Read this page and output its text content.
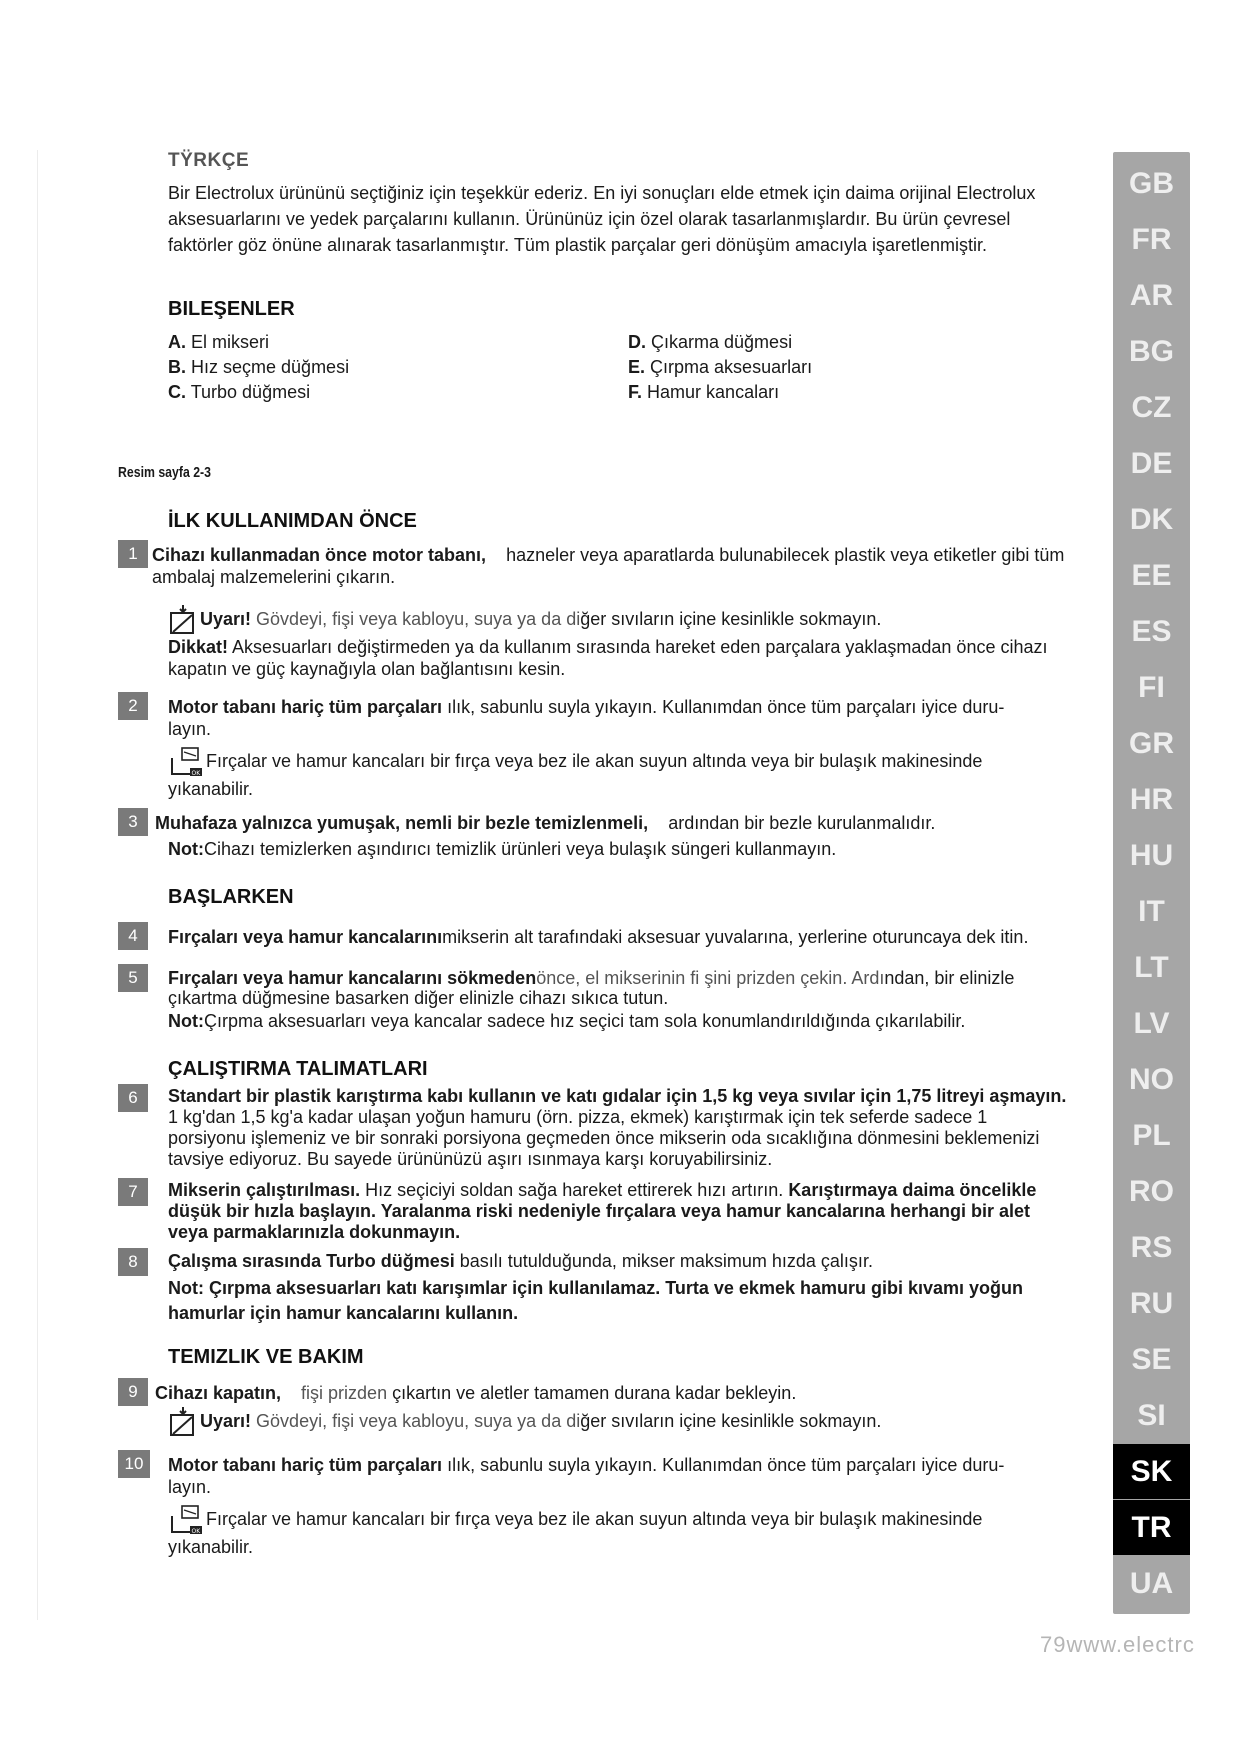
TŸRKÇE
Bir Electrolux ürününü seçtiğiniz için teşekkür ederiz. En iyi sonuçları elde etmek için daima orijinal Electrolux aksesuarlarını ve yedek parçalarını kullanın. Ürününüz için özel olarak tasarlanmışlardır. Bu ürün çevresel faktörler göz önüne alınarak tasarlanmıştır. Tüm plastik parçalar geri dönüşüm amacıyla işaretlenmiştir.
BILEŞENLER
A. El mikseri
B. Hız seçme düğmesi
C. Turbo düğmesi
D. Çıkarma düğmesi
E. Çırpma aksesuarları
F. Hamur kancaları
Resim sayfa 2-3
İLK KULLANIMDAN ÖNCE
1 Cihazı kullanmadan önce motor tabanı, hazneler veya aparatlarda bulunabilecek plastik veya etiketler gibi tüm ambalaj malzemelerini çıkarın.
Uyarı! Gövdeyi, fişi veya kabloyu, suya ya da diğer sıvıların içine kesinlikle sokmayın.
Dikkat! Aksesuarları değiştirmeden ya da kullanım sırasında hareket eden parçalara yaklaşmadan önce cihazı kapatın ve güç kaynağıyla olan bağlantısını kesin.
2	Motor tabanı hariç tüm parçaları ılık, sabunlu suyla yıkayın. Kullanımdan önce tüm parçaları iyice duru-
layın.
OK
Fırçalar ve hamur kancaları bir fırça veya bez ile akan suyun altında veya bir bulaşık makinesinde yıkanabilir.
3 Muhafaza yalnızca yumuşak, nemli bir bezle temizlenmeli, ardından bir bezle kurulanmalıdır.
Not:Cihazı temizlerken aşındırıcı temizlik ürünleri veya bulaşık süngeri kullanmayın.
BAŞLARKEN
4	Fırçaları veya hamur kancalarınımikserin alt tarafındaki aksesuar yuvalarına, yerlerine oturuncaya dek itin.
5	Fırçaları veya hamur kancalarını sökmedenönce, el mikserinin fi şini prizden çekin. Ardından, bir elinizle çıkartma düğmesine basarken diğer elinizle cihazı sıkıca tutun.
Not:Çırpma aksesuarları veya kancalar sadece hız seçici tam sola konumlandırıldığında çıkarılabilir.
ÇALIŞTIRMA TALIMATLARI
6	Standart bir plastik karıştırma kabı kullanın ve katı gıdalar için 1,5 kg veya sıvılar için 1,75 litreyi aşmayın. 1 kg'dan 1,5 kg'a kadar ulaşan yoğun hamuru (örn. pizza, ekmek) karıştırmak için tek seferde sadece 1 porsiyonu işlemeniz ve bir sonraki porsiyona geçmeden önce mikserin oda sıcaklığına dönmesini beklemenizi tavsiye ediyoruz. Bu sayede ürününüzü aşırı ısınmaya karşı koruyabilirsiniz.
7	Mikserin çalıştırılması. Hız seçiciyi soldan sağa hareket ettirerek hızı artırın. Karıştırmaya daima öncelikle düşük bir hızla başlayın. Yaralanma riski nedeniyle fırçalara veya hamur kancalarına herhangi bir alet veya parmaklarınızla dokunmayın.
8	Çalışma sırasında Turbo düğmesi basılı tutulduğunda, mikser maksimum hızda çalışır.
Not: Çırpma aksesuarları katı karışımlar için kullanılamaz. Turta ve ekmek hamuru gibi kıvamı yoğun hamurlar için hamur kancalarını kullanın.
TEMIZLIK VE BAKIM
9 Cihazı kapatın, fişi prizden çıkartın ve aletler tamamen durana kadar bekleyin.
Uyarı! Gövdeyi, fişi veya kabloyu, suya ya da diğer sıvıların içine kesinlikle sokmayın.
10	Motor tabanı hariç tüm parçaları ılık, sabunlu suyla yıkayın. Kullanımdan önce tüm parçaları iyice duru-
layın.
OK
Fırçalar ve hamur kancaları bir fırça veya bez ile akan suyun altında veya bir bulaşık makinesinde yıkanabilir.
GB
FR
AR
BG
CZ
DE
DK
EE
ES
FI
GR
HR
HU
IT
LT
LV
NO
PL
RO
RS
RU
SE
SI
SK
TR
UA
79www.electrc
